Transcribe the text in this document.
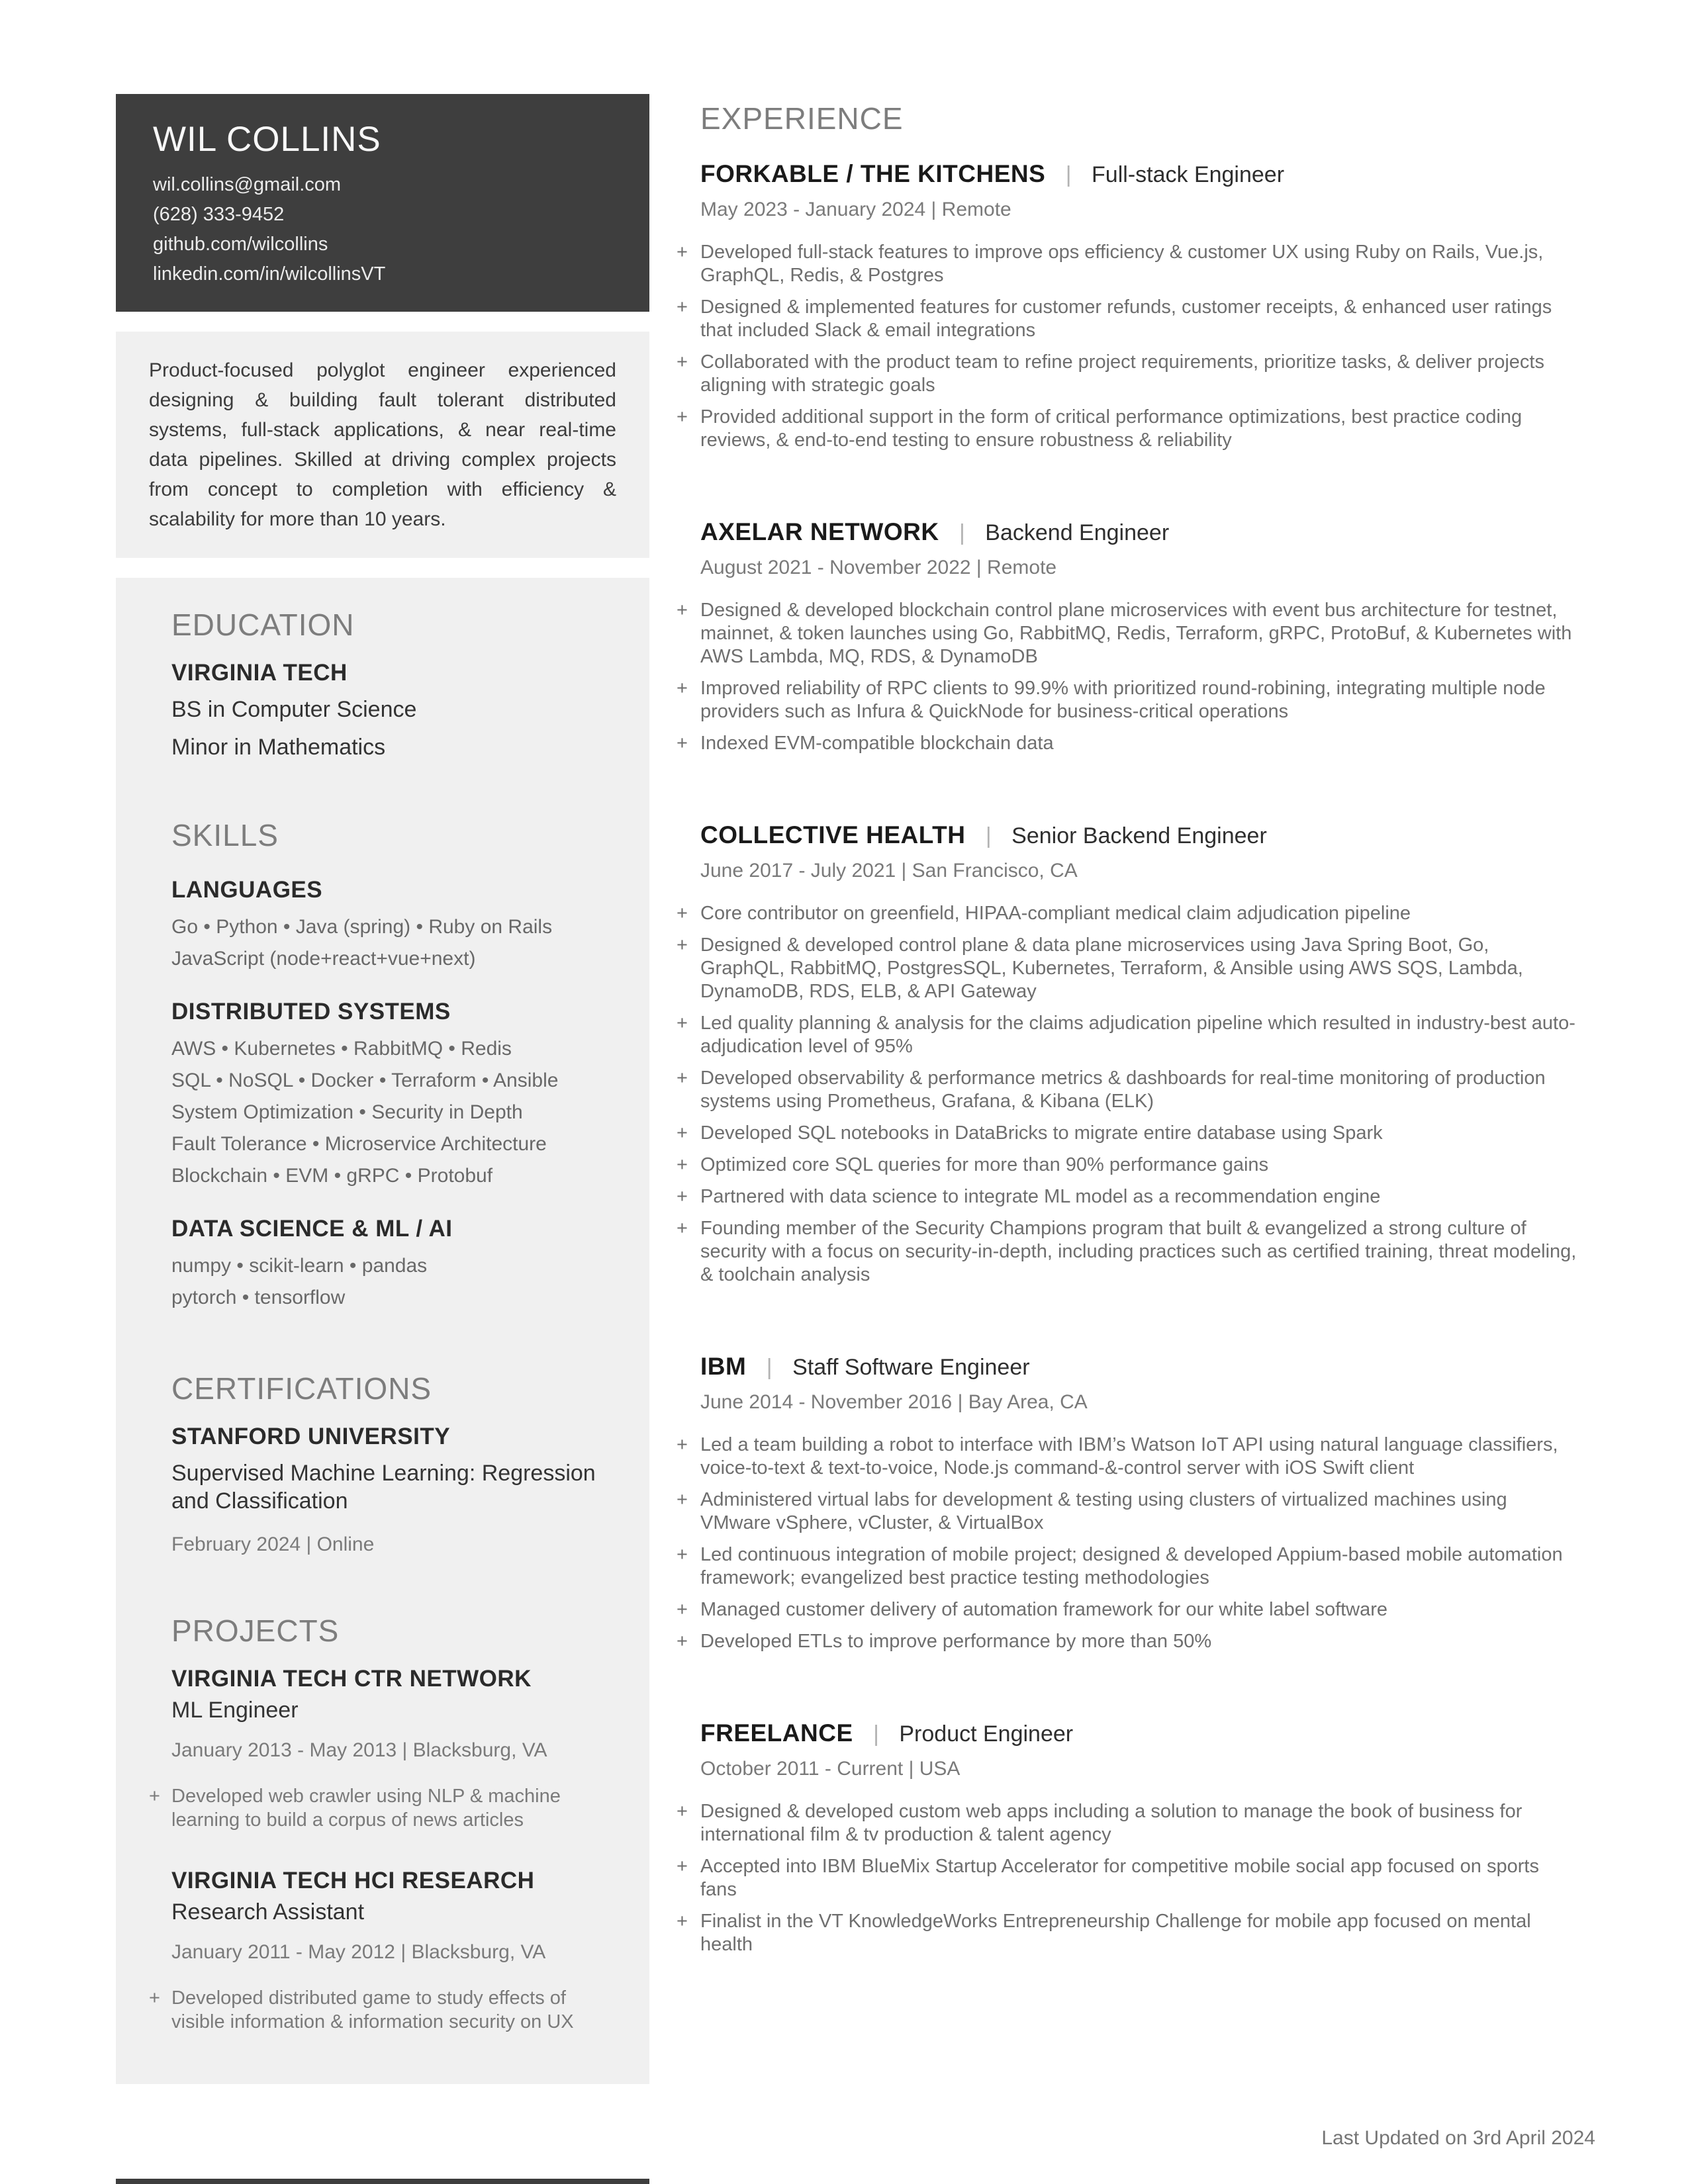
WIL COLLINS
wil.collins@gmail.com
(628) 333-9452
github.com/wilcollins
linkedin.com/in/wilcollinsVT

Product-focused polyglot engineer experienced designing & building fault tolerant distributed systems, full-stack applications, & near real-time data pipelines. Skilled at driving complex projects from concept to completion with efficiency & scalability for more than 10 years.

EDUCATION
VIRGINIA TECH
BS in Computer Science
Minor in Mathematics
SKILLS
LANGUAGES
Go • Python • Java (spring) • Ruby on Rails
JavaScript (node+react+vue+next)
DISTRIBUTED SYSTEMS
AWS • Kubernetes • RabbitMQ • Redis
SQL • NoSQL • Docker • Terraform • Ansible
System Optimization • Security in Depth
Fault Tolerance • Microservice Architecture
Blockchain • EVM • gRPC • Protobuf
DATA SCIENCE & ML / AI
numpy • scikit-learn • pandas
pytorch • tensorflow
CERTIFICATIONS
STANFORD UNIVERSITY
Supervised Machine Learning: Regression and Classification
February 2024 | Online
PROJECTS
VIRGINIA TECH CTR NETWORK
ML Engineer
January 2013 - May 2013 | Blacksburg, VA
+ Developed web crawler using NLP & machine learning to build a corpus of news articles
VIRGINIA TECH HCI RESEARCH
Research Assistant
January 2011 - May 2012 | Blacksburg, VA
+ Developed distributed game to study effects of visible information & information security on UX
EXPERIENCE
FORKABLE / THE KITCHENS | Full-stack Engineer
May 2023 - January 2024 | Remote
+ Developed full-stack features to improve ops efficiency & customer UX using Ruby on Rails, Vue.js, GraphQL, Redis, & Postgres
+ Designed & implemented features for customer refunds, customer receipts, & enhanced user ratings that included Slack & email integrations
+ Collaborated with the product team to refine project requirements, prioritize tasks, & deliver projects aligning with strategic goals
+ Provided additional support in the form of critical performance optimizations, best practice coding reviews, & end-to-end testing to ensure robustness & reliability
AXELAR NETWORK | Backend Engineer
August 2021 - November 2022 | Remote
+ Designed & developed blockchain control plane microservices with event bus architecture for testnet, mainnet, & token launches using Go, RabbitMQ, Redis, Terraform, gRPC, ProtoBuf, & Kubernetes with AWS Lambda, MQ, RDS, & DynamoDB
+ Improved reliability of RPC clients to 99.9% with prioritized round-robining, integrating multiple node providers such as Infura & QuickNode for business-critical operations
+ Indexed EVM-compatible blockchain data
COLLECTIVE HEALTH | Senior Backend Engineer
June 2017 - July 2021 | San Francisco, CA
+ Core contributor on greenfield, HIPAA-compliant medical claim adjudication pipeline
+ Designed & developed control plane & data plane microservices using Java Spring Boot, Go, GraphQL, RabbitMQ, PostgresSQL, Kubernetes, Terraform, & Ansible using AWS SQS, Lambda, DynamoDB, RDS, ELB, & API Gateway
+ Led quality planning & analysis for the claims adjudication pipeline which resulted in industry-best auto-adjudication level of 95%
+ Developed observability & performance metrics & dashboards for real-time monitoring of production systems using Prometheus, Grafana, & Kibana (ELK)
+ Developed SQL notebooks in DataBricks to migrate entire database using Spark
+ Optimized core SQL queries for more than 90% performance gains
+ Partnered with data science to integrate ML model as a recommendation engine
+ Founding member of the Security Champions program that built & evangelized a strong culture of security with a focus on security-in-depth, including practices such as certified training, threat modeling, & toolchain analysis
IBM | Staff Software Engineer
June 2014 - November 2016 | Bay Area, CA
+ Led a team building a robot to interface with IBM’s Watson IoT API using natural language classifiers, voice-to-text & text-to-voice, Node.js command-&-control server with iOS Swift client
+ Administered virtual labs for development & testing using clusters of virtualized machines using VMware vSphere, vCluster, & VirtualBox
+ Led continuous integration of mobile project; designed & developed Appium-based mobile automation framework; evangelized best practice testing methodologies
+ Managed customer delivery of automation framework for our white label software
+ Developed ETLs to improve performance by more than 50%
FREELANCE | Product Engineer
October 2011 - Current | USA
+ Designed & developed custom web apps including a solution to manage the book of business for international film & tv production & talent agency
+ Accepted into IBM BlueMix Startup Accelerator for competitive mobile social app focused on sports fans
+ Finalist in the VT KnowledgeWorks Entrepreneurship Challenge for mobile app focused on mental health
Last Updated on 3rd April 2024
